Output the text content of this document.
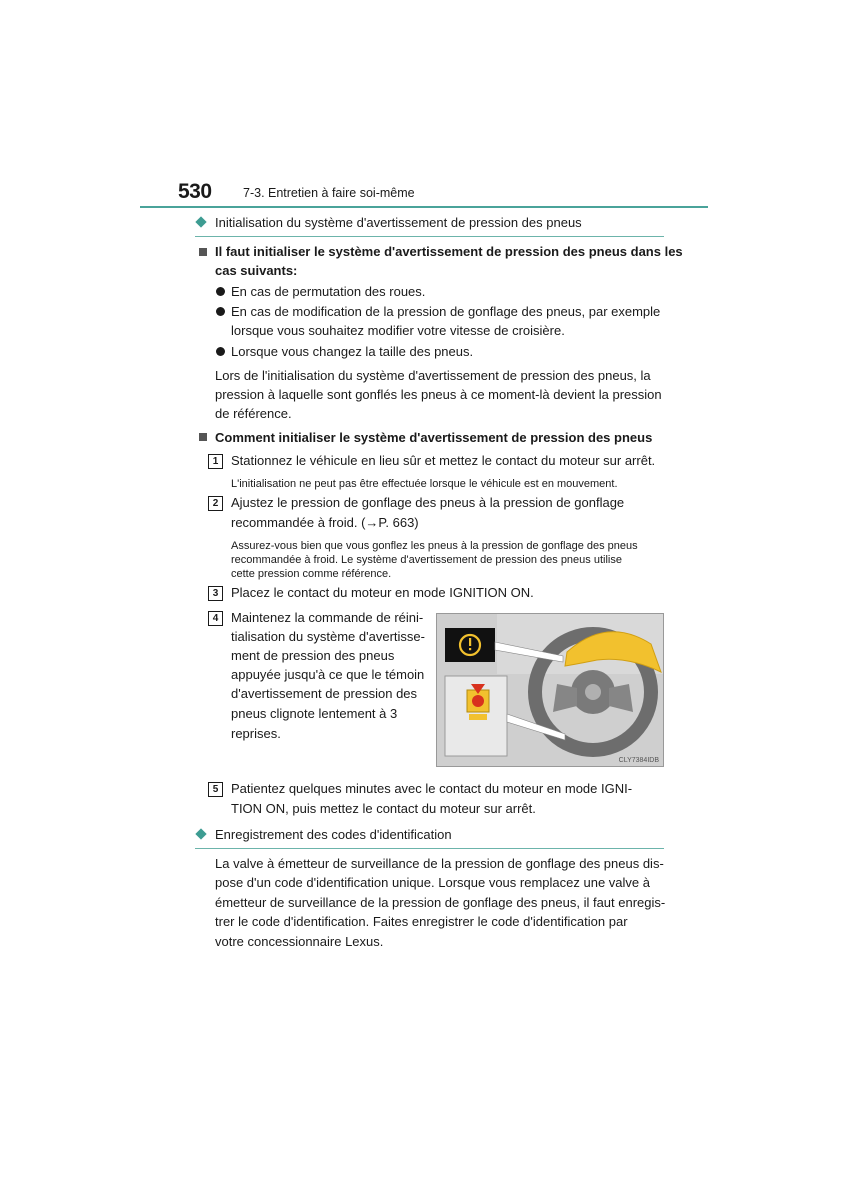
530	7-3. Entretien à faire soi-même
Initialisation du système d'avertissement de pression des pneus
Il faut initialiser le système d'avertissement de pression des pneus dans les
cas suivants:
En cas de permutation des roues.
En cas de modification de la pression de gonflage des pneus, par exemple
lorsque vous souhaitez modifier votre vitesse de croisière.
Lorsque vous changez la taille des pneus.
Lors de l'initialisation du système d'avertissement de pression des pneus, la
pression à laquelle sont gonflés les pneus à ce moment-là devient la pression
de référence.
Comment initialiser le système d'avertissement de pression des pneus
1 Stationnez le véhicule en lieu sûr et mettez le contact du moteur sur arrêt.
L'initialisation ne peut pas être effectuée lorsque le véhicule est en mouvement.
2 Ajustez le pression de gonflage des pneus à la pression de gonflage
recommandée à froid. (→P. 663)
Assurez-vous bien que vous gonflez les pneus à la pression de gonflage des pneus
recommandée à froid. Le système d'avertissement de pression des pneus utilise
cette pression comme référence.
3 Placez le contact du moteur en mode IGNITION ON.
4 Maintenez la commande de réini-
tialisation du système d'avertisse-
ment de pression des pneus
appuyée jusqu'à ce que le témoin
d'avertissement de pression des
pneus clignote lentement à 3
reprises.
CLY7384IDB
5 Patientez quelques minutes avec le contact du moteur en mode IGNI-
TION ON, puis mettez le contact du moteur sur arrêt.
Enregistrement des codes d'identification
La valve à émetteur de surveillance de la pression de gonflage des pneus dis-
pose d'un code d'identification unique. Lorsque vous remplacez une valve à
émetteur de surveillance de la pression de gonflage des pneus, il faut enregis-
trer le code d'identification. Faites enregistrer le code d'identification par
votre concessionnaire Lexus.
